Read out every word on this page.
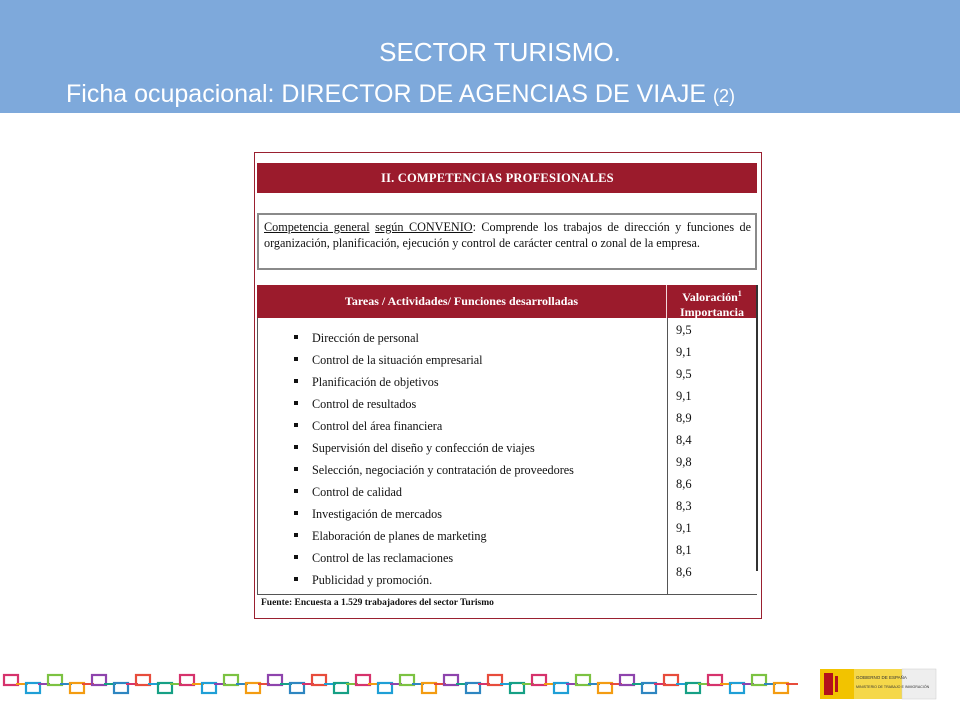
SECTOR TURISMO.
Ficha ocupacional: DIRECTOR DE AGENCIAS DE VIAJE (2)
II. COMPETENCIAS PROFESIONALES
Competencia general según CONVENIO: Comprende los trabajos de dirección y funciones de organización, planificación, ejecución y control de carácter central o zonal de la empresa.
Tareas / Actividades/ Funciones desarrolladas	Valoración$^1$
Importancia
Dirección de personal
9,5
Control de la situación empresarial
9,1
Planificación de objetivos
9,5
Control de resultados
9,1
Control del área financiera
8,9
Supervisión del diseño y confección de viajes
8,4
Selección, negociación y contratación de proveedores
9,8
Control de calidad
8,6
Investigación de mercados
8,3
Elaboración de planes de marketing
9,1
Control de las reclamaciones
8,1
Publicidad y promoción.
8,6
Fuente: Encuesta a 1.529 trabajadores del sector Turismo
GOBIERNO DE ESPAÑA
MINISTERIO DE TRABAJO E INMIGRACIÓN
